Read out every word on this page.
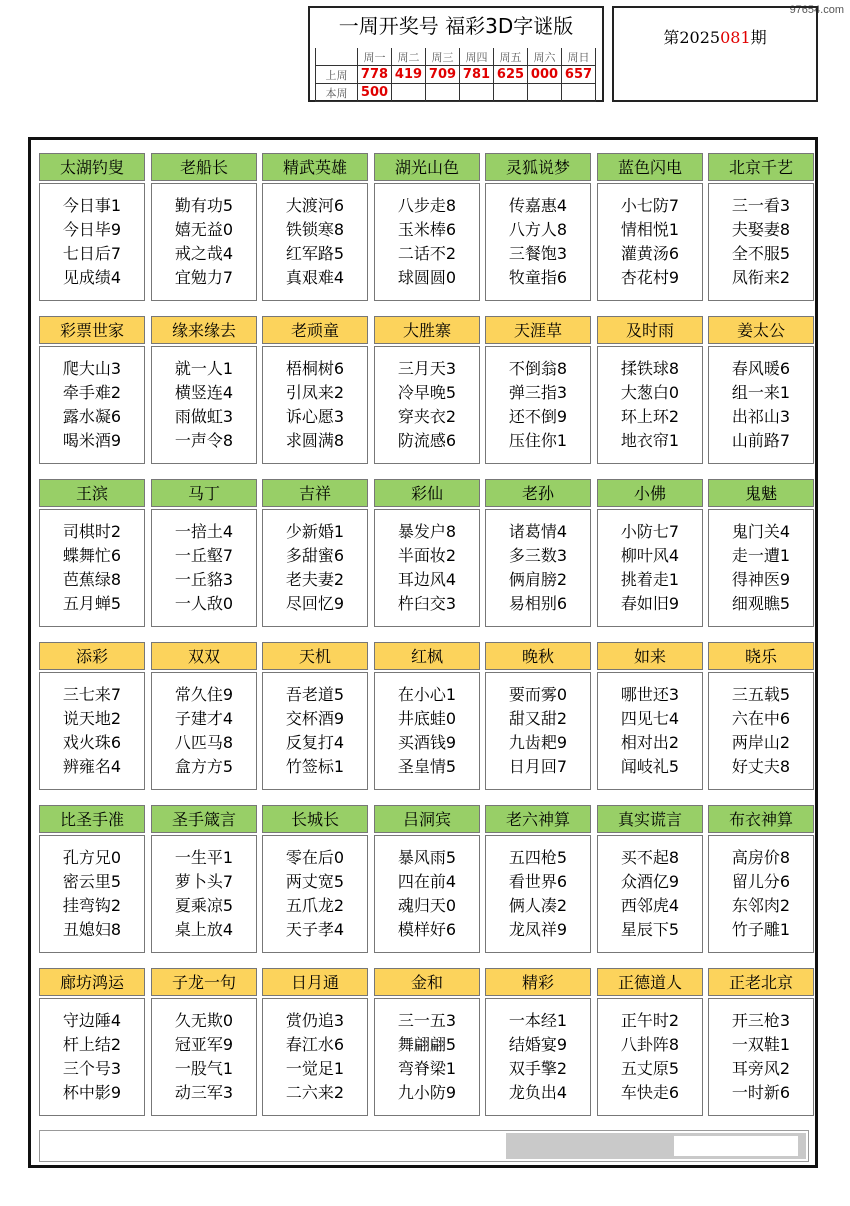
97654.com
一周开奖号 福彩3D字谜版
	周一	周二	周三	周四	周五	周六	周日
上周	778	419	709	781	625	000	657
本周	500						
第2025081期
太湖钓叟
今日事1
今日毕9
七日后7
见成绩4
老船长
勤有功5
嬉无益0
戒之哉4
宜勉力7
精武英雄
大渡河6
铁锁寒8
红军路5
真艰难4
湖光山色
八步走8
玉米棒6
二话不2
球圆圆0
灵狐说梦
传嘉惠4
八方人8
三餐饱3
牧童指6
蓝色闪电
小七防7
情相悦1
灌黄汤6
杏花村9
北京千艺
三一看3
夫娶妻8
全不服5
凤衔来2
彩票世家
爬大山3
牵手难2
露水凝6
喝米酒9
缘来缘去
就一人1
横竖连4
雨做虹3
一声令8
老顽童
梧桐树6
引凤来2
诉心愿3
求圆满8
大胜寨
三月天3
冷早晚5
穿夹衣2
防流感6
天涯草
不倒翁8
弹三指3
还不倒9
压住你1
及时雨
揉铁球8
大葱白0
环上环2
地衣帘1
姜太公
春风暖6
组一来1
出祁山3
山前路7
王滨
司棋时2
蝶舞忙6
芭蕉绿8
五月蝉5
马丁
一掊土4
一丘壑7
一丘貉3
一人敌0
吉祥
少新婚1
多甜蜜6
老夫妻2
尽回忆9
彩仙
暴发户8
半面妆2
耳边风4
杵臼交3
老孙
诸葛情4
多三数3
俩肩膀2
易相别6
小佛
小防七7
柳叶风4
挑着走1
春如旧9
鬼魅
鬼门关4
走一遭1
得神医9
细观瞧5
添彩
三七来7
说天地2
戏火珠6
辨雍名4
双双
常久住9
子建才4
八匹马8
盒方方5
天机
吾老道5
交杯酒9
反复打4
竹签标1
红枫
在小心1
井底蛙0
买酒钱9
圣皇情5
晚秋
要而雾0
甜又甜2
九齿耙9
日月回7
如来
哪世还3
四见七4
相对出2
闻岐礼5
晓乐
三五载5
六在中6
两岸山2
好丈夫8
比圣手准
孔方兄0
密云里5
挂弯钩2
丑媳妇8
圣手箴言
一生平1
萝卜头7
夏乘凉5
桌上放4
长城长
零在后0
两丈宽5
五爪龙2
天子孝4
吕洞宾
暴风雨5
四在前4
魂归天0
模样好6
老六神算
五四枪5
看世界6
俩人凑2
龙凤祥9
真实谎言
买不起8
众酒亿9
西邻虎4
星辰下5
布衣神算
高房价8
留儿分6
东邻肉2
竹子雕1
廊坊鸿运
守边陲4
杆上结2
三个号3
杯中影9
子龙一句
久无欺0
冠亚军9
一股气1
动三军3
日月通
赏仍追3
春江水6
一觉足1
二六来2
金和
三一五3
舞翩翩5
弯脊梁1
九小防9
精彩
一本经1
结婚宴9
双手擎2
龙负出4
正德道人
正午时2
八卦阵8
五丈原5
车快走6
正老北京
开三枪3
一双鞋1
耳旁风2
一时新6
